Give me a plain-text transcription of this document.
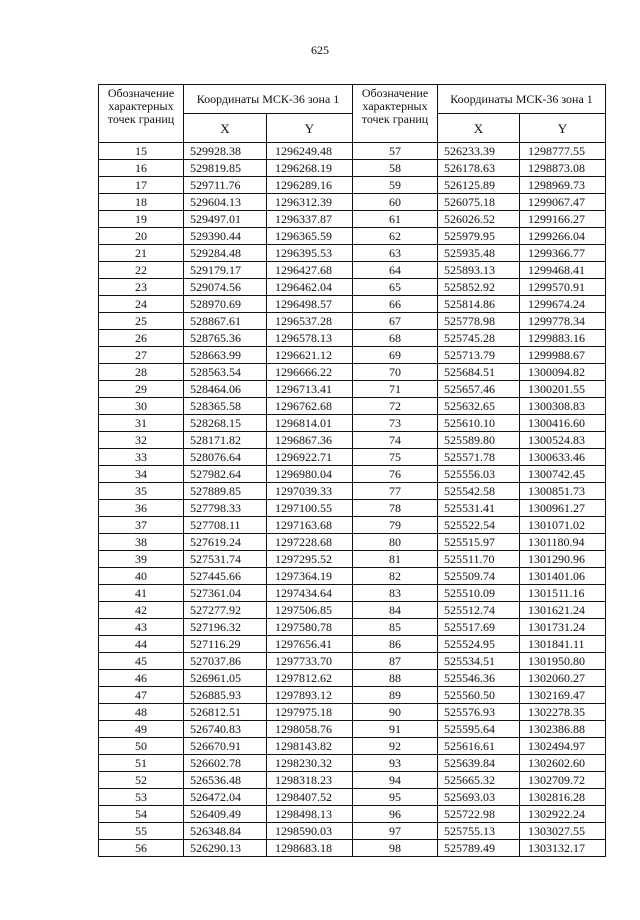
625
Обозначение характерных точек границ	Координаты МСК-36 зона 1		Обозначение характерных точек границ	Координаты МСК-36 зона 1	
	X	Y		X	Y
15	529928.38	1296249.48	57	526233.39	1298777.55
16	529819.85	1296268.19	58	526178.63	1298873.08
17	529711.76	1296289.16	59	526125.89	1298969.73
18	529604.13	1296312.39	60	526075.18	1299067.47
19	529497.01	1296337.87	61	526026.52	1299166.27
20	529390.44	1296365.59	62	525979.95	1299266.04
21	529284.48	1296395.53	63	525935.48	1299366.77
22	529179.17	1296427.68	64	525893.13	1299468.41
23	529074.56	1296462.04	65	525852.92	1299570.91
24	528970.69	1296498.57	66	525814.86	1299674.24
25	528867.61	1296537.28	67	525778.98	1299778.34
26	528765.36	1296578.13	68	525745.28	1299883.16
27	528663.99	1296621.12	69	525713.79	1299988.67
28	528563.54	1296666.22	70	525684.51	1300094.82
29	528464.06	1296713.41	71	525657.46	1300201.55
30	528365.58	1296762.68	72	525632.65	1300308.83
31	528268.15	1296814.01	73	525610.10	1300416.60
32	528171.82	1296867.36	74	525589.80	1300524.83
33	528076.64	1296922.71	75	525571.78	1300633.46
34	527982.64	1296980.04	76	525556.03	1300742.45
35	527889.85	1297039.33	77	525542.58	1300851.73
36	527798.33	1297100.55	78	525531.41	1300961.27
37	527708.11	1297163.68	79	525522.54	1301071.02
38	527619.24	1297228.68	80	525515.97	1301180.94
39	527531.74	1297295.52	81	525511.70	1301290.96
40	527445.66	1297364.19	82	525509.74	1301401.06
41	527361.04	1297434.64	83	525510.09	1301511.16
42	527277.92	1297506.85	84	525512.74	1301621.24
43	527196.32	1297580.78	85	525517.69	1301731.24
44	527116.29	1297656.41	86	525524.95	1301841.11
45	527037.86	1297733.70	87	525534.51	1301950.80
46	526961.05	1297812.62	88	525546.36	1302060.27
47	526885.93	1297893.12	89	525560.50	1302169.47
48	526812.51	1297975.18	90	525576.93	1302278.35
49	526740.83	1298058.76	91	525595.64	1302386.88
50	526670.91	1298143.82	92	525616.61	1302494.97
51	526602.78	1298230.32	93	525639.84	1302602.60
52	526536.48	1298318.23	94	525665.32	1302709.72
53	526472.04	1298407.52	95	525693.03	1302816.28
54	526409.49	1298498.13	96	525722.98	1302922.24
55	526348.84	1298590.03	97	525755.13	1303027.55
56	526290.13	1298683.18	98	525789.49	1303132.17
